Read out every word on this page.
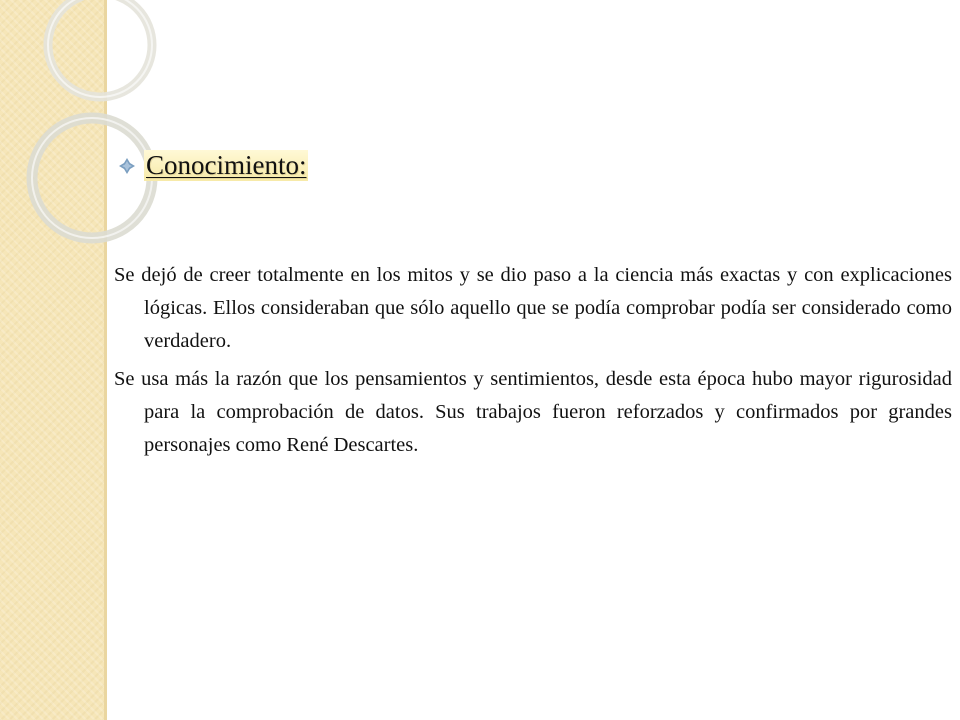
Conocimiento:

Se dejó de creer totalmente en los mitos y se dio paso a la ciencia más exactas y con explicaciones lógicas. Ellos consideraban que sólo aquello que se podía comprobar podía ser considerado como verdadero.

Se usa más la razón que los pensamientos y sentimientos, desde esta época hubo mayor rigurosidad para la comprobación de datos. Sus trabajos fueron reforzados y confirmados por grandes personajes como René Descartes.
